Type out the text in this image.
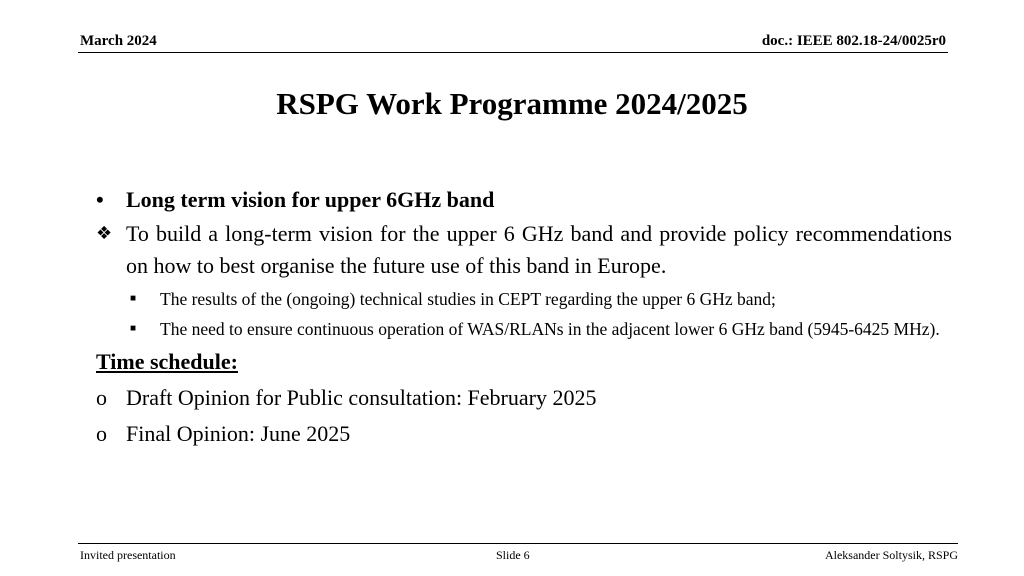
March 2024	doc.: IEEE 802.18-24/0025r0
RSPG Work Programme 2024/2025
• Long term vision for upper 6GHz band
❖ To build a long-term vision for the upper 6 GHz band and provide policy recommendations on how to best organise the future use of this band in Europe.
■ The results of the (ongoing) technical studies in CEPT regarding the upper 6 GHz band;
■ The need to ensure continuous operation of WAS/RLANs in the adjacent lower 6 GHz band (5945-6425 MHz).
Time schedule:
o Draft Opinion for Public consultation: February 2025
o Final Opinion: June 2025
Invited presentation	Slide 6	Aleksander Soltysik, RSPG
